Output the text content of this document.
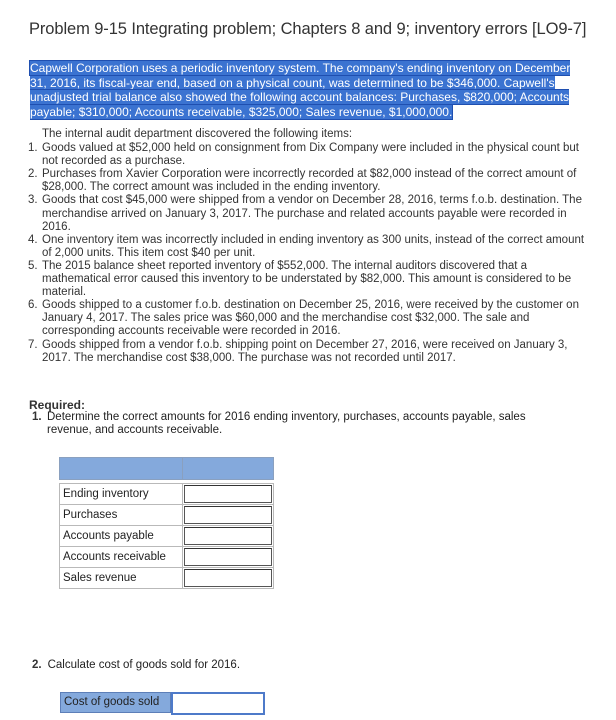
Problem 9-15 Integrating problem; Chapters 8 and 9; inventory errors [LO9-7]
Capwell Corporation uses a periodic inventory system. The company's ending inventory on December 31, 2016, its fiscal-year end, based on a physical count, was determined to be $346,000. Capwell's unadjusted trial balance also showed the following account balances: Purchases, $820,000; Accounts payable; $310,000; Accounts receivable, $325,000; Sales revenue, $1,000,000.
The internal audit department discovered the following items:
1. Goods valued at $52,000 held on consignment from Dix Company were included in the physical count but not recorded as a purchase.
2. Purchases from Xavier Corporation were incorrectly recorded at $82,000 instead of the correct amount of $28,000. The correct amount was included in the ending inventory.
3. Goods that cost $45,000 were shipped from a vendor on December 28, 2016, terms f.o.b. destination. The merchandise arrived on January 3, 2017. The purchase and related accounts payable were recorded in 2016.
4. One inventory item was incorrectly included in ending inventory as 300 units, instead of the correct amount of 2,000 units. This item cost $40 per unit.
5. The 2015 balance sheet reported inventory of $552,000. The internal auditors discovered that a mathematical error caused this inventory to be understated by $82,000. This amount is considered to be material.
6. Goods shipped to a customer f.o.b. destination on December 25, 2016, were received by the customer on January 4, 2017. The sales price was $60,000 and the merchandise cost $32,000. The sale and corresponding accounts receivable were recorded in 2016.
7. Goods shipped from a vendor f.o.b. shipping point on December 27, 2016, were received on January 3, 2017. The merchandise cost $38,000. The purchase was not recorded until 2017.
Required:
1. Determine the correct amounts for 2016 ending inventory, purchases, accounts payable, sales revenue, and accounts receivable.

Ending inventory	

Purchases	

Accounts payable	

Accounts receivable	

Sales revenue	
2. Calculate cost of goods sold for 2016.
Cost of goods sold
